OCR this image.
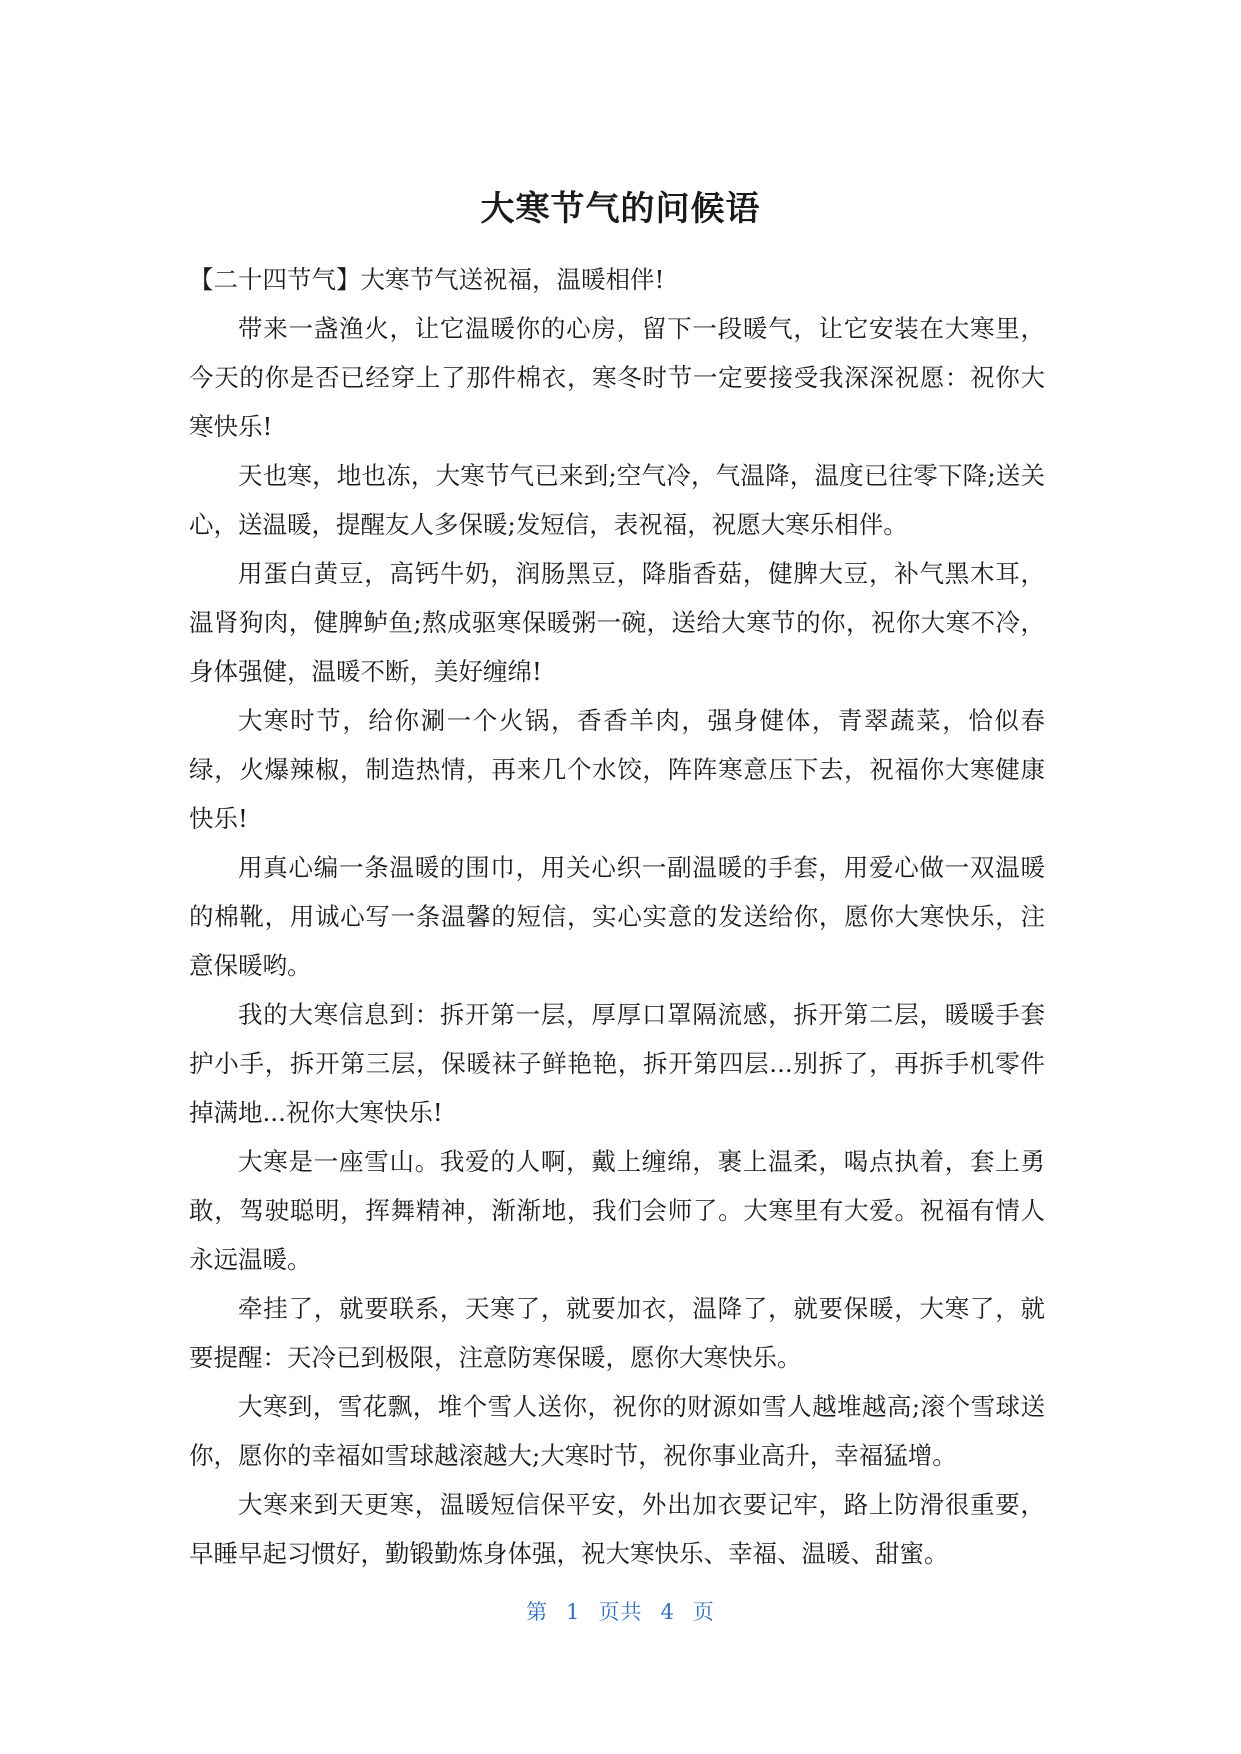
大寒节气的问候语

【二十四节气】大寒节气送祝福，温暖相伴!

带来一盏渔火，让它温暖你的心房，留下一段暖气，让它安装在大寒里，今天的你是否已经穿上了那件棉衣，寒冬时节一定要接受我深深祝愿：祝你大寒快乐!

天也寒，地也冻，大寒节气已来到;空气冷，气温降，温度已往零下降;送关心，送温暖，提醒友人多保暖;发短信，表祝福，祝愿大寒乐相伴。

用蛋白黄豆，高钙牛奶，润肠黑豆，降脂香菇，健脾大豆，补气黑木耳，温肾狗肉，健脾鲈鱼;熬成驱寒保暖粥一碗，送给大寒节的你，祝你大寒不冷，身体强健，温暖不断，美好缠绵!

大寒时节，给你涮一个火锅，香香羊肉，强身健体，青翠蔬菜，恰似春绿，火爆辣椒，制造热情，再来几个水饺，阵阵寒意压下去，祝福你大寒健康快乐!

用真心编一条温暖的围巾，用关心织一副温暖的手套，用爱心做一双温暖的棉靴，用诚心写一条温馨的短信，实心实意的发送给你，愿你大寒快乐，注意保暖哟。

我的大寒信息到：拆开第一层，厚厚口罩隔流感，拆开第二层，暖暖手套护小手，拆开第三层，保暖袜子鲜艳艳，拆开第四层...别拆了，再拆手机零件掉满地...祝你大寒快乐!

大寒是一座雪山。我爱的人啊，戴上缠绵，裹上温柔，喝点执着，套上勇敢，驾驶聪明，挥舞精神，渐渐地，我们会师了。大寒里有大爱。祝福有情人永远温暖。

牵挂了，就要联系，天寒了，就要加衣，温降了，就要保暖，大寒了，就要提醒：天冷已到极限，注意防寒保暖，愿你大寒快乐。

大寒到，雪花飘，堆个雪人送你，祝你的财源如雪人越堆越高;滚个雪球送你，愿你的幸福如雪球越滚越大;大寒时节，祝你事业高升，幸福猛增。

大寒来到天更寒，温暖短信保平安，外出加衣要记牢，路上防滑很重要，早睡早起习惯好，勤锻勤炼身体强，祝大寒快乐、幸福、温暖、甜蜜。

第 1 页共 4 页
